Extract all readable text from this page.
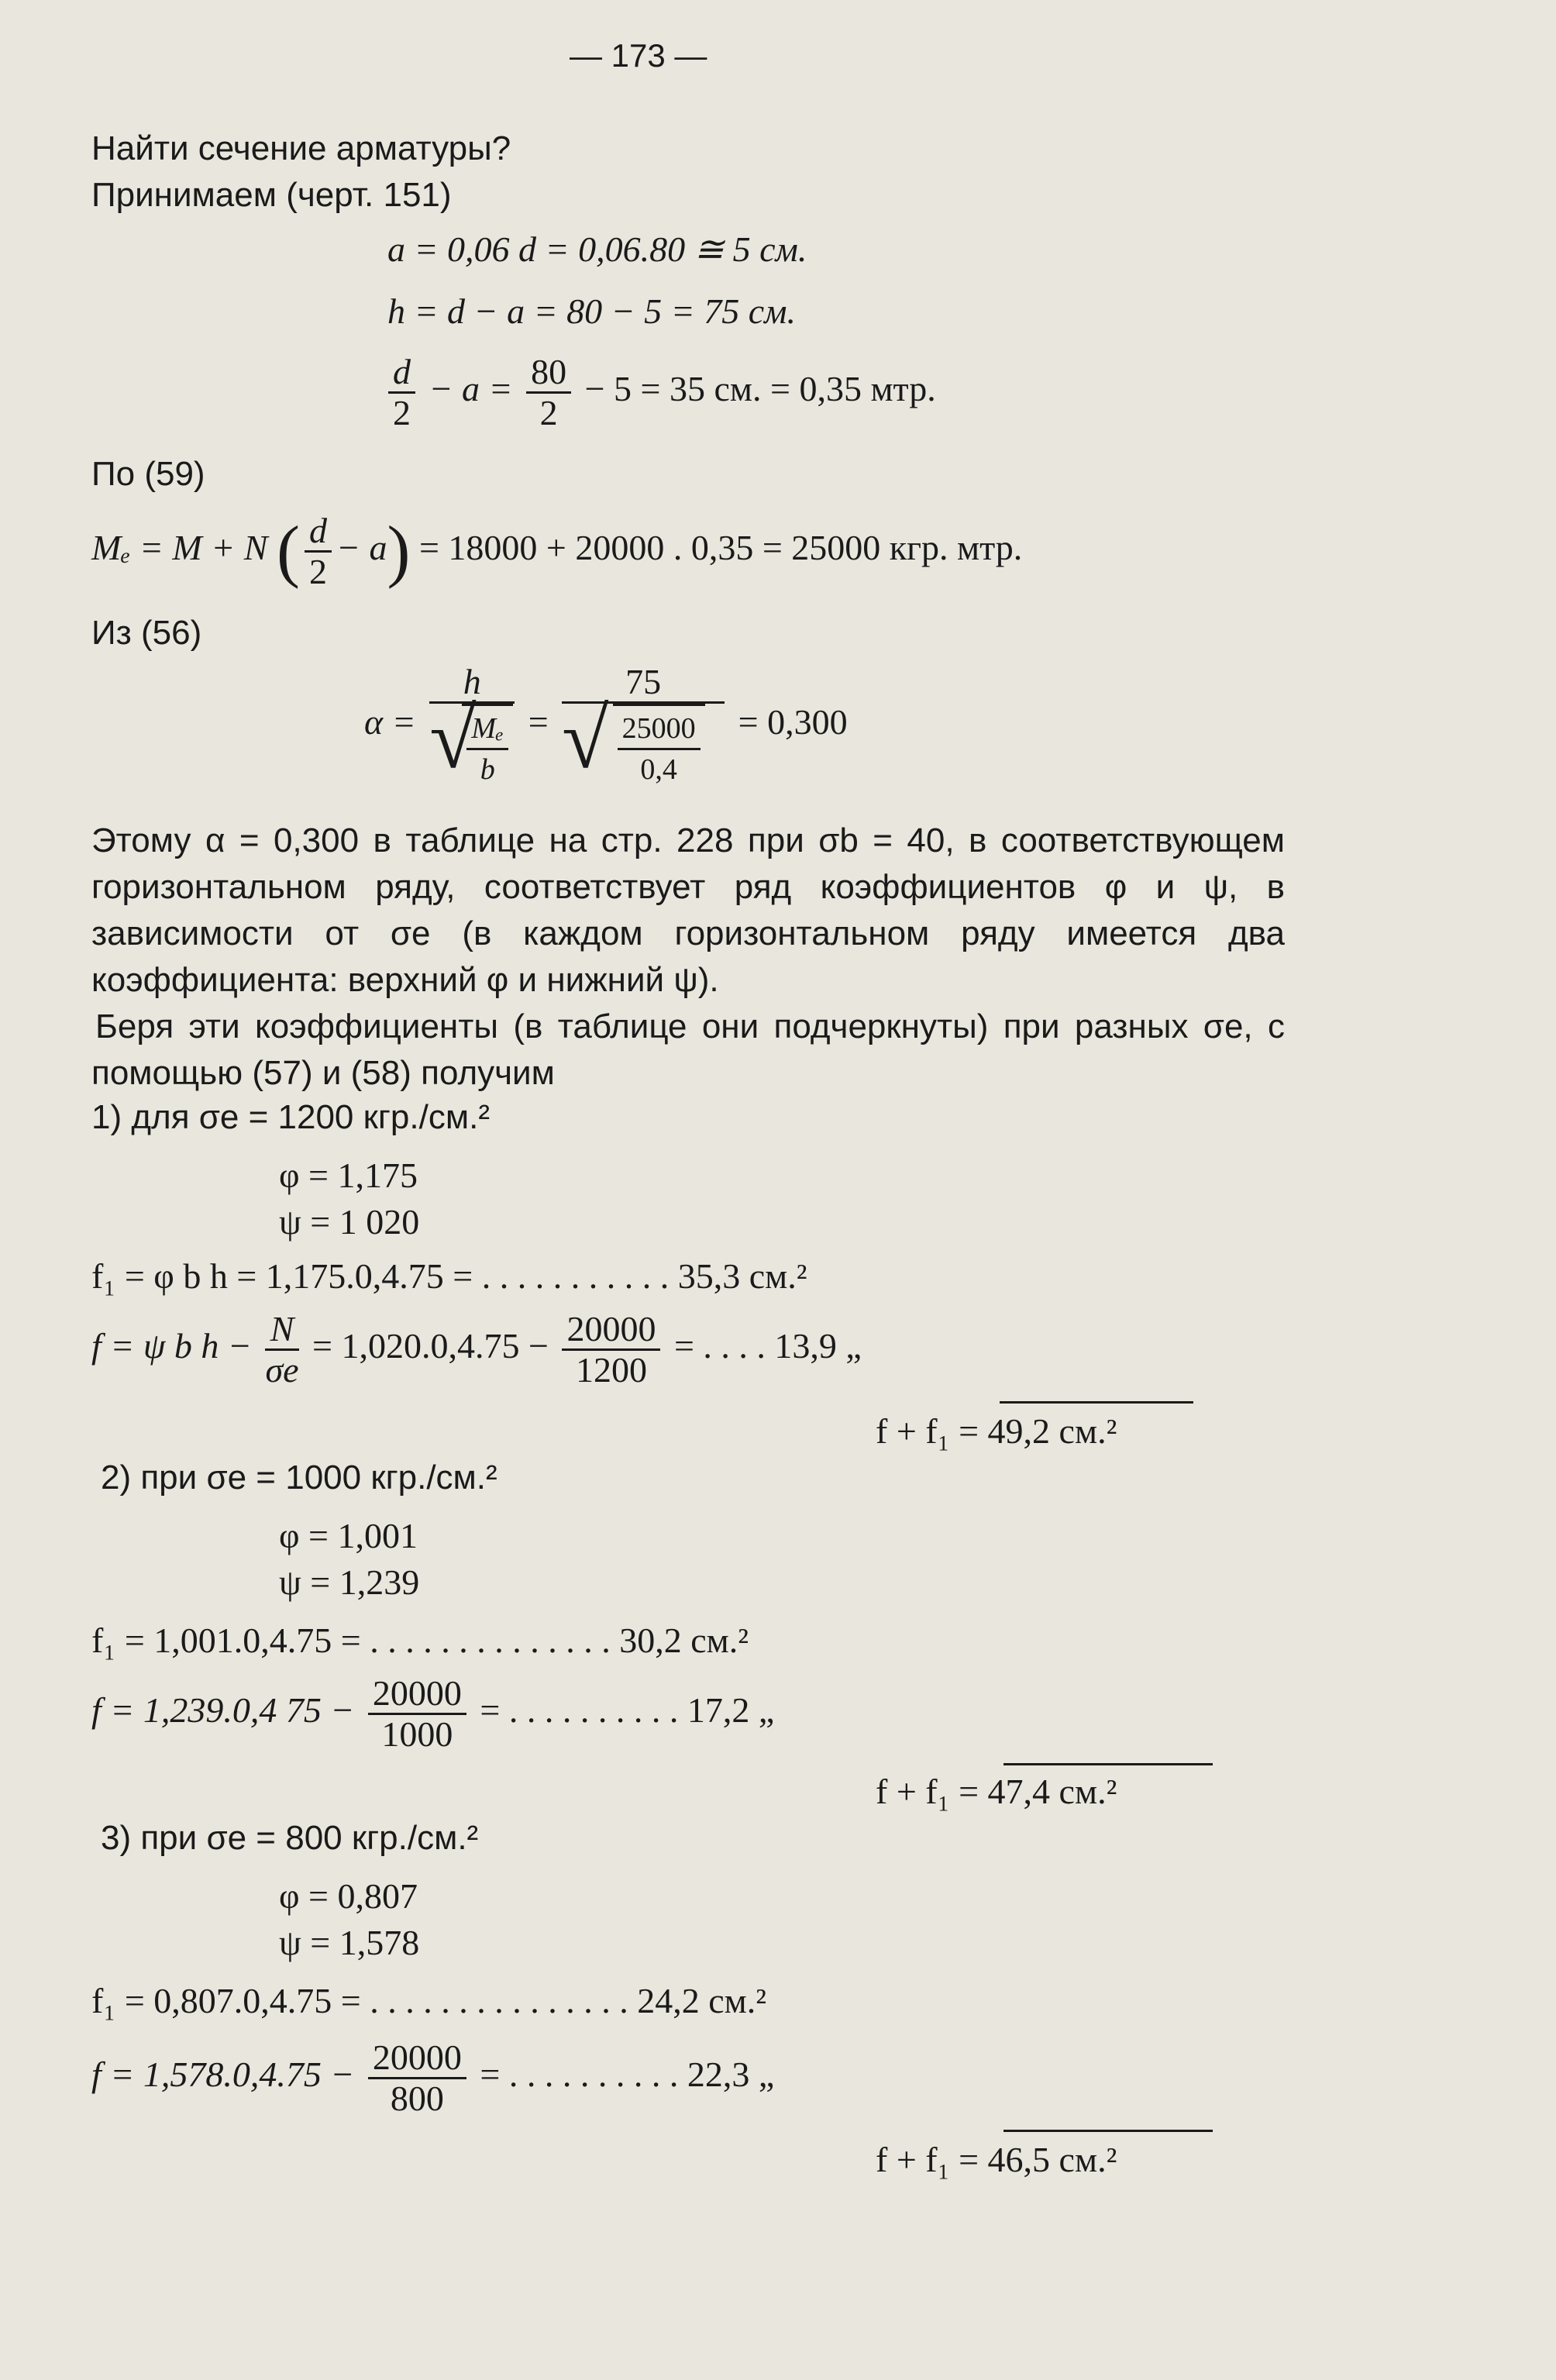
— 173 —
Найти сечение арматуры?
Принимаем (черт. 151)
a = 0,06 d = 0,06.80 ≅ 5 см.
h = d − a = 80 − 5 = 75 см.
$\frac{d}{2} - a = \frac{80}{2} - 5 = 35$ см. = 0,35 мтр.
По (59)
Mₑ = M + N ( $\frac{d}{2} - a) = 18000 + 20000$ . 0,35 = 25000 кгр. мтр.
Из (56)
α = h
√
$\frac{\text{Mₑ}}{b} = \frac{75}{√ \frac{25000}{0,4}} = 0,300$
Этому α = 0,300 в таблице на стр. 228 при σb = 40, в соответствующем горизонтальном ряду, соответствует ряд коэффициентов φ и ψ, в зависимости от σe (в каждом горизонтальном ряду имеется два коэффициента: верхний φ и нижний ψ).
Беря эти коэффициенты (в таблице они подчеркнуты) при разных σe, с помощью (57) и (58) получим
1) для σe = 1200 кгр./см.²
φ = 1,175
ψ = 1 020
f₁ = φ b h = 1,175.0,4.75 = . . . . . . . . . . . 35,3 см.²
f = ψ b $h - \frac{N}{\sigma e} = 1,020.0,4.75 - \frac{20000}{1200}$ = . . . . 13,9 „
f + f₁ = 49,2 см.²
2) при σe = 1000 кгр./см.²
φ = 1,001
ψ = 1,239
f₁ = 1,001.0,4.75 = . . . . . . . . . . . . . . 30,2 см.²
f = 1,239.0,4 $75 - \frac{20000}{1000}$ = . . . . . . . . . . 17,2 „
f + f₁ = 47,4 см.²
3) при σe = 800 кгр./см.²
φ = 0,807
ψ = 1,578
f₁ = 0,807.0,4.75 = . . . . . . . . . . . . . . . 24,2 см.²
$f = 1,578.0,4.75 - \frac{20000}{800}$ = . . . . . . . . . . 22,3 „
f + f₁ = 46,5 см.²
